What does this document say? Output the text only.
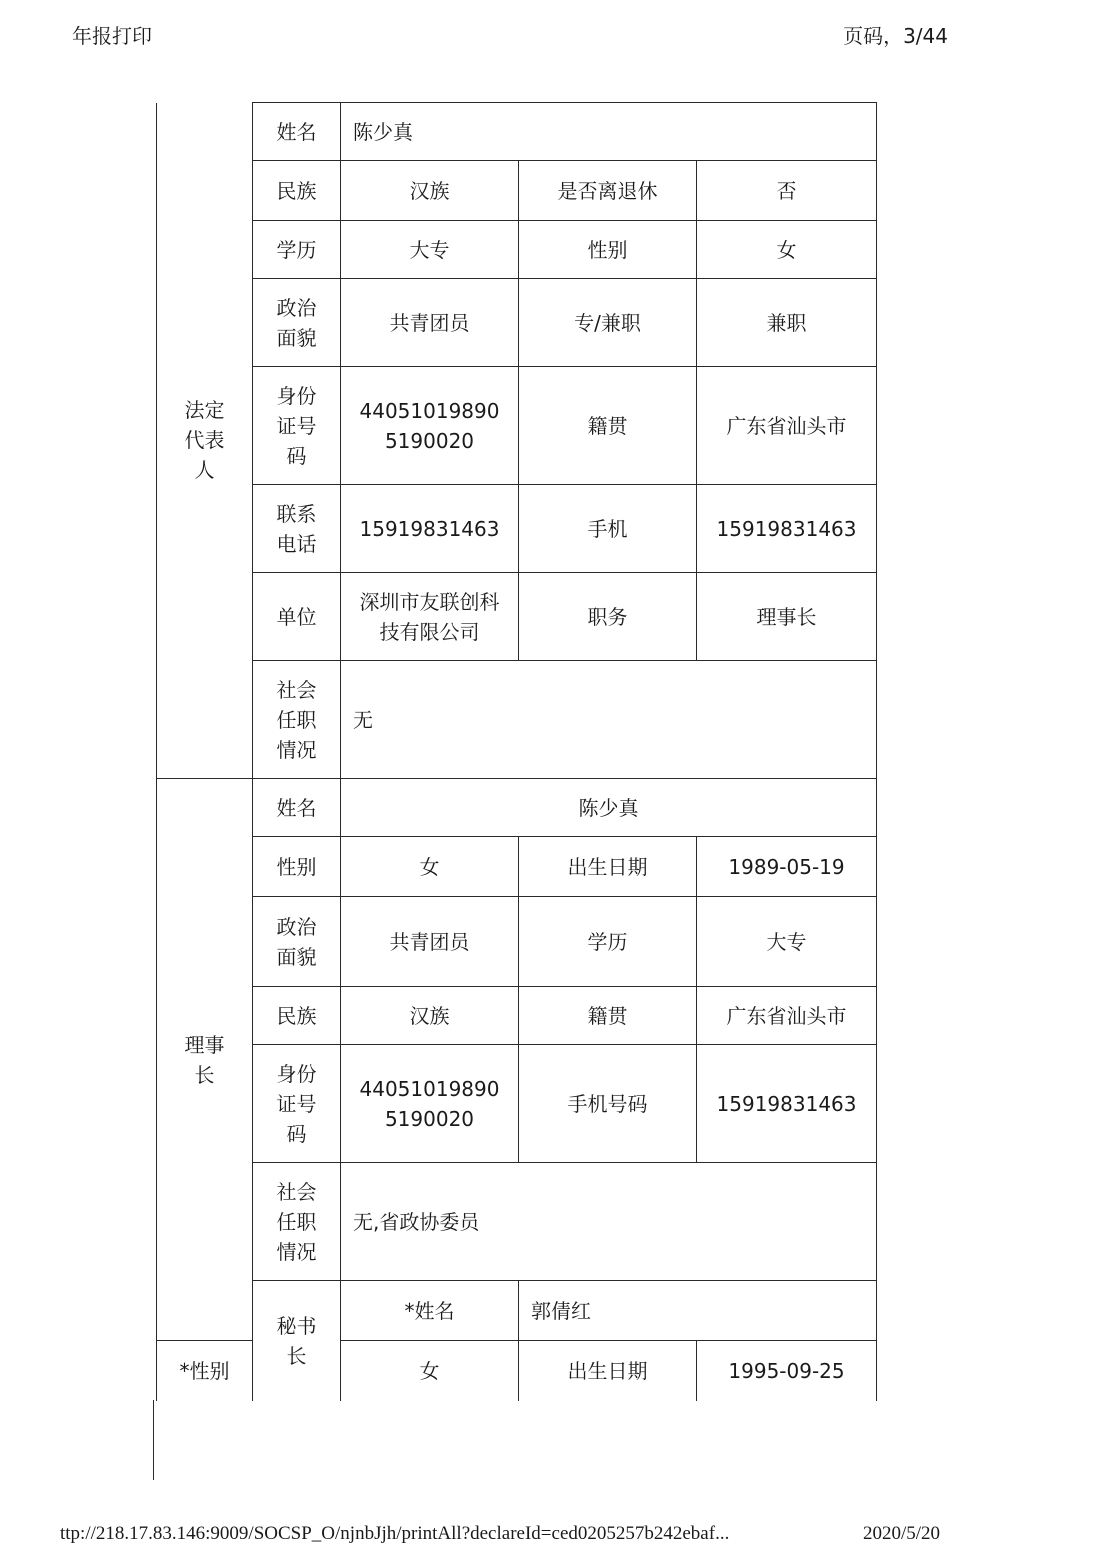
年报打印	页码，3/44
法定代表人	姓名	陈少真		
	民族	汉族	是否离退休	否
	学历	大专	性别	女
	政治面貌	共青团员	专/兼职	兼职
	身份证号码	440510198905190020	籍贯	广东省汕头市
	联系电话	15919831463	手机	15919831463
	单位	深圳市友联创科技有限公司	职务	理事长
	社会任职情况	无		
理事长	姓名	陈少真		
	性别	女	出生日期	1989-05-19
	政治面貌	共青团员	学历	大专
	民族	汉族	籍贯	广东省汕头市
	身份证号码	440510198905190020	手机号码	15919831463
	社会任职情况	无,省政协委员		
	秘书长	*姓名	郭倩红	
*性别		女	出生日期	1995-09-25
ttp://218.17.83.146:9009/SOCSP_O/njnbJjh/printAll?declareId=ced0205257b242ebaf...	2020/5/20
